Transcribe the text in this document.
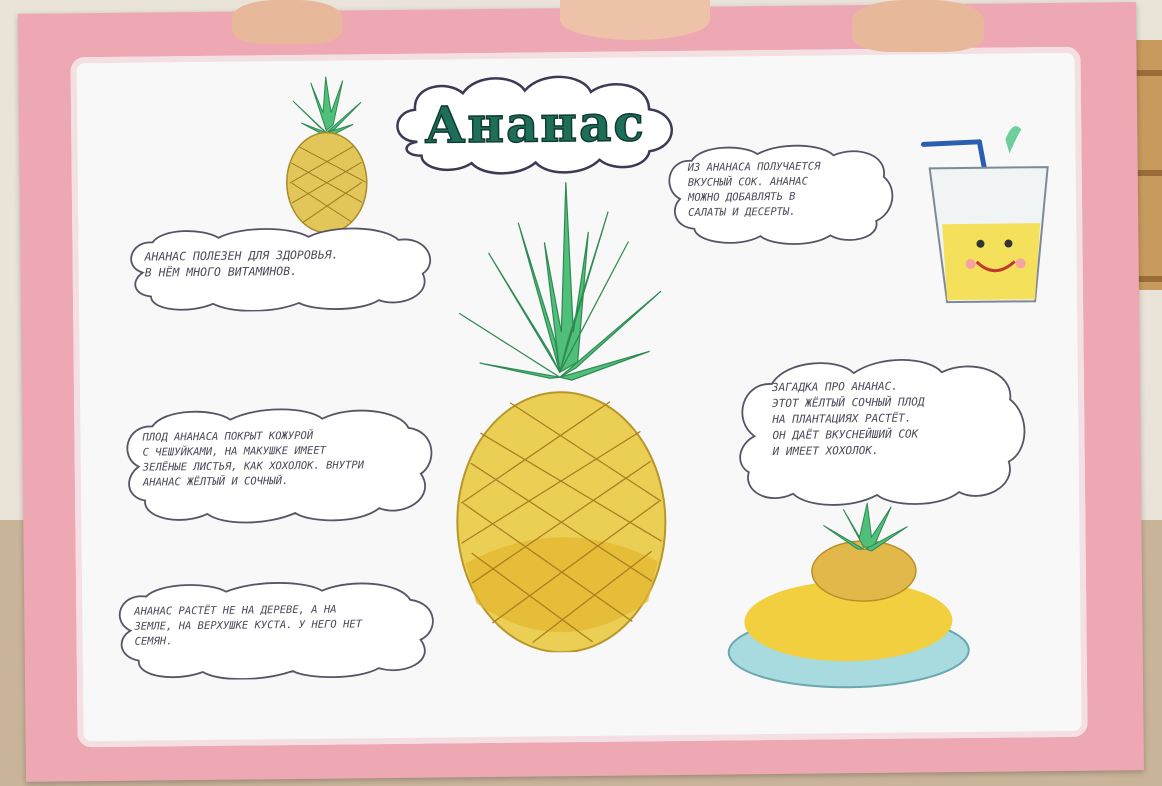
Ананас
АНАНАС ПОЛЕЗЕН ДЛЯ ЗДОРОВЬЯ.
В НЁМ МНОГО ВИТАМИНОВ.
ПЛОД АНАНАСА ПОКРЫТ КОЖУРОЙ
С ЧЕШУЙКАМИ, НА МАКУШКЕ ИМЕЕТ
ЗЕЛЁНЫЕ ЛИСТЬЯ, КАК ХОХОЛОК. ВНУТРИ
АНАНАС ЖЁЛТЫЙ И СОЧНЫЙ.
АНАНАС РАСТЁТ НЕ НА ДЕРЕВЕ, А НА
ЗЕМЛЕ, НА ВЕРХУШКЕ КУСТА. У НЕГО НЕТ
СЕМЯН.
ИЗ АНАНАСА ПОЛУЧАЕТСЯ
ВКУСНЫЙ СОК. АНАНАС
МОЖНО ДОБАВЛЯТЬ В
САЛАТЫ И ДЕСЕРТЫ.
ЗАГАДКА ПРО АНАНАС.
ЭТОТ ЖЁЛТЫЙ СОЧНЫЙ ПЛОД
НА ПЛАНТАЦИЯХ РАСТЁТ.
ОН ДАЁТ ВКУСНЕЙШИЙ СОК
И ИМЕЕТ ХОХОЛОК.
